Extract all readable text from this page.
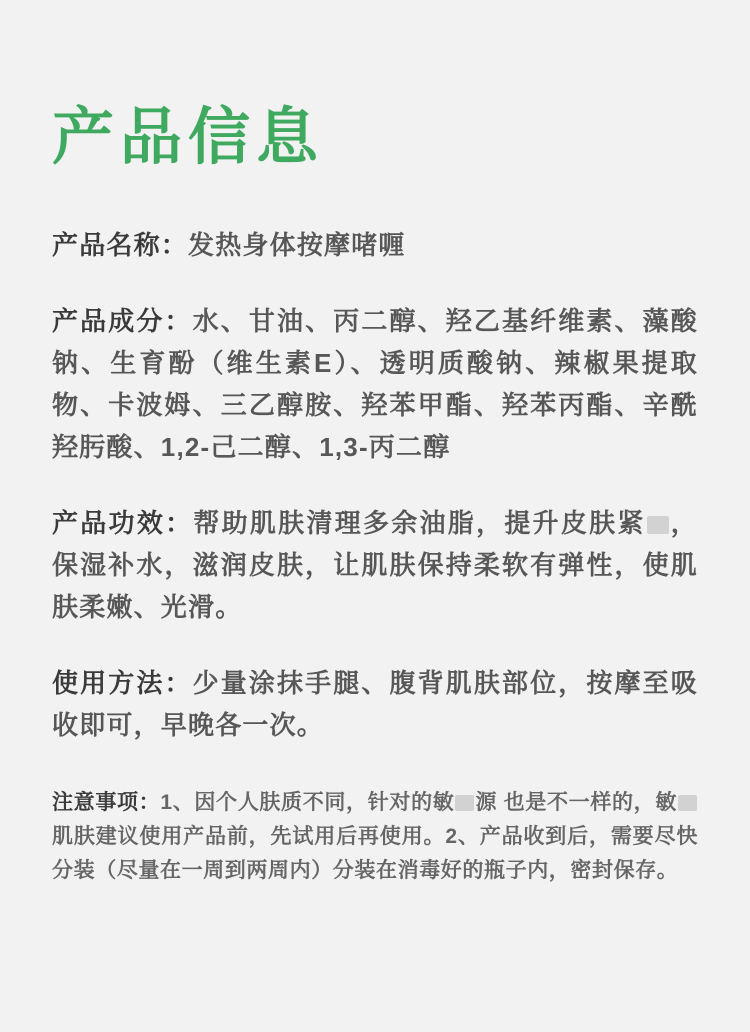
产品信息

产品名称：发热身体按摩啫喱

产品成分：水、甘油、丙二醇、羟乙基纤维素、藻酸钠、生育酚（维生素E）、透明质酸钠、辣椒果提取物、卡波姆、三乙醇胺、羟苯甲酯、羟苯丙酯、辛酰羟肟酸、1,2-己二醇、1,3-丙二醇

产品功效：帮助肌肤清理多余油脂，提升皮肤紧 ，保湿补水，滋润皮肤，让肌肤保持柔软有弹性，使肌肤柔嫩、光滑。

使用方法：少量涂抹手腿、腹背肌肤部位，按摩至吸收即可，早晚各一次。

注意事项：1、因个人肤质不同，针对的敏 源 也是不一样的，敏肌肤建议使用产品前，先试用后再使用。2、产品收到后，需要尽快分装（尽量在一周到两周内）分装在消毒好的瓶子内，密封保存。
